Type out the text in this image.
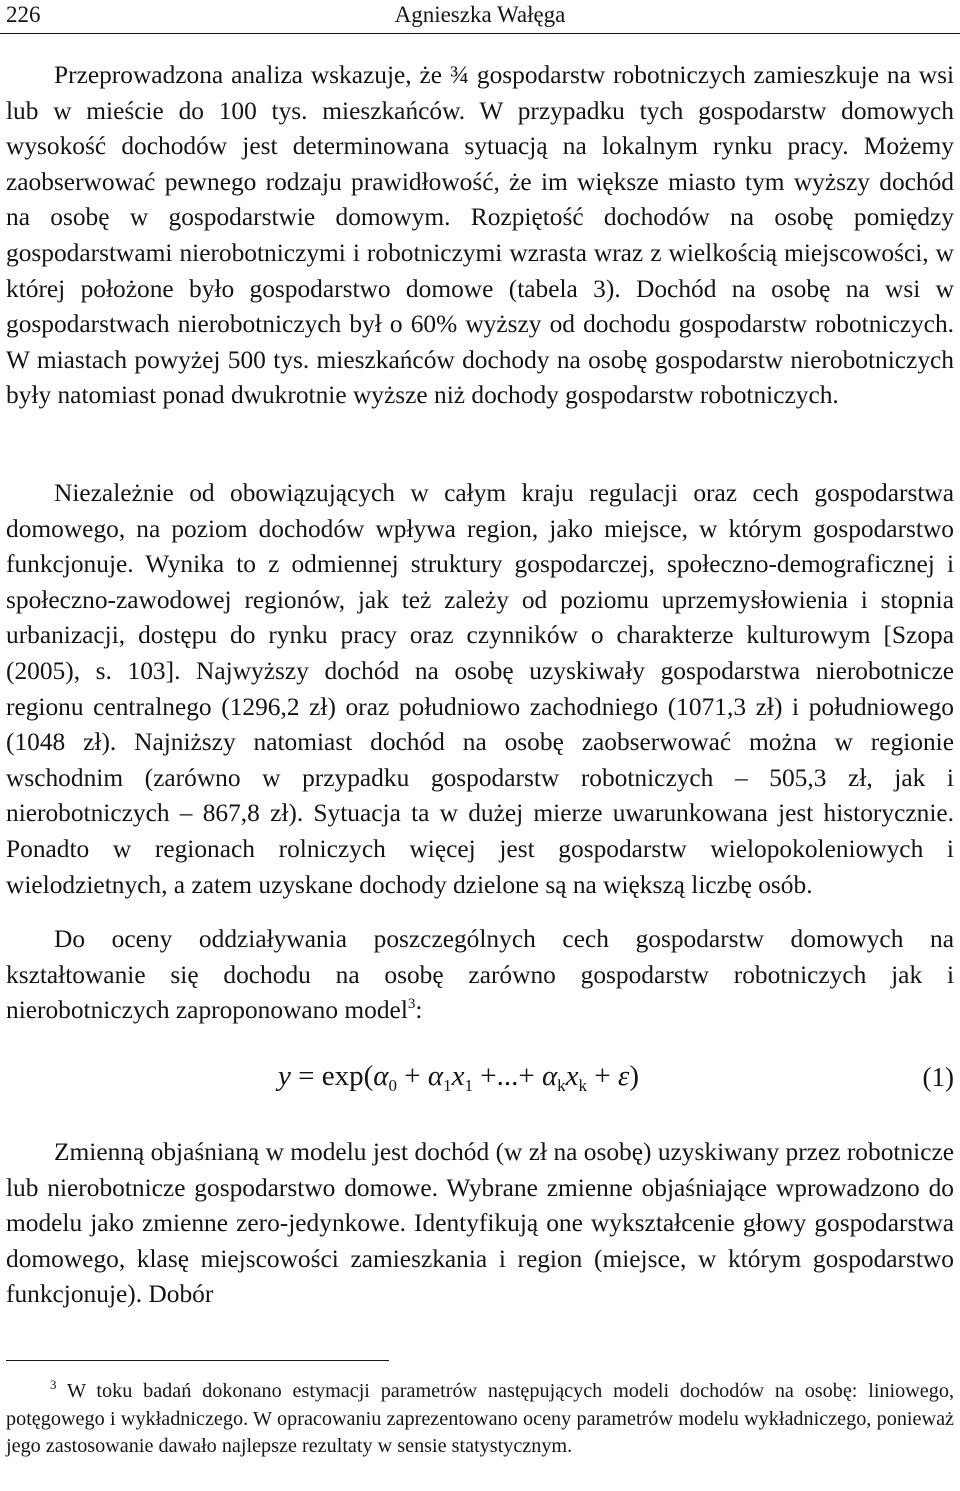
226	Agnieszka Wałęga

Przeprowadzona analiza wskazuje, że ¾ gospodarstw robotniczych zamieszkuje na wsi lub w mieście do 100 tys. mieszkańców. W przypadku tych gospodarstw domowych wysokość dochodów jest determinowana sytuacją na lokalnym rynku pracy. Możemy zaobserwować pewnego rodzaju prawidłowość, że im większe miasto tym wyższy dochód na osobę w gospodarstwie domowym. Rozpiętość dochodów na osobę pomiędzy gospodarstwami nierobotniczymi i robotniczymi wzrasta wraz z wielkością miejscowości, w której położone było gospodarstwo domowe (tabela 3). Dochód na osobę na wsi w gospodarstwach nierobotniczych był o 60% wyższy od dochodu gospodarstw robotniczych. W miastach powyżej 500 tys. mieszkańców dochody na osobę gospodarstw nierobotniczych były natomiast ponad dwukrotnie wyższe niż dochody gospodarstw robotniczych.

Niezależnie od obowiązujących w całym kraju regulacji oraz cech gospodarstwa domowego, na poziom dochodów wpływa region, jako miejsce, w którym gospodarstwo funkcjonuje. Wynika to z odmiennej struktury gospodarczej, społeczno-demograficznej i społeczno-zawodowej regionów, jak też zależy od poziomu uprzemysłowienia i stopnia urbanizacji, dostępu do rynku pracy oraz czynników o charakterze kulturowym [Szopa (2005), s. 103]. Najwyższy dochód na osobę uzyskiwały gospodarstwa nierobotnicze regionu centralnego (1296,2 zł) oraz południowo zachodniego (1071,3 zł) i południowego (1048 zł). Najniższy natomiast dochód na osobę zaobserwować można w regionie wschodnim (zarówno w przypadku gospodarstw robotniczych – 505,3 zł, jak i nierobotniczych – 867,8 zł). Sytuacja ta w dużej mierze uwarunkowana jest historycznie. Ponadto w regionach rolniczych więcej jest gospodarstw wielopokoleniowych i wielodzietnych, a zatem uzyskane dochody dzielone są na większą liczbę osób.

Do oceny oddziaływania poszczególnych cech gospodarstw domowych na kształtowanie się dochodu na osobę zarówno gospodarstw robotniczych jak i nierobotniczych zaproponowano model$^3$:

$y = \exp(\alpha_0 + \alpha_1x_1$ +...+ $\alpha_kx_k + \varepsilon$)	(1)

Zmienną objaśnianą w modelu jest dochód (w zł na osobę) uzyskiwany przez robotnicze lub nierobotnicze gospodarstwo domowe. Wybrane zmienne objaśniające wprowadzono do modelu jako zmienne zero-jedynkowe. Identyfikują one wykształcenie głowy gospodarstwa domowego, klasę miejscowości zamieszkania i region (miejsce, w którym gospodarstwo funkcjonuje). Dobór

$^3$ W toku badań dokonano estymacji parametrów następujących modeli dochodów na osobę: liniowego, potęgowego i wykładniczego. W opracowaniu zaprezentowano oceny parametrów modelu wykładniczego, ponieważ jego zastosowanie dawało najlepsze rezultaty w sensie statystycznym.
